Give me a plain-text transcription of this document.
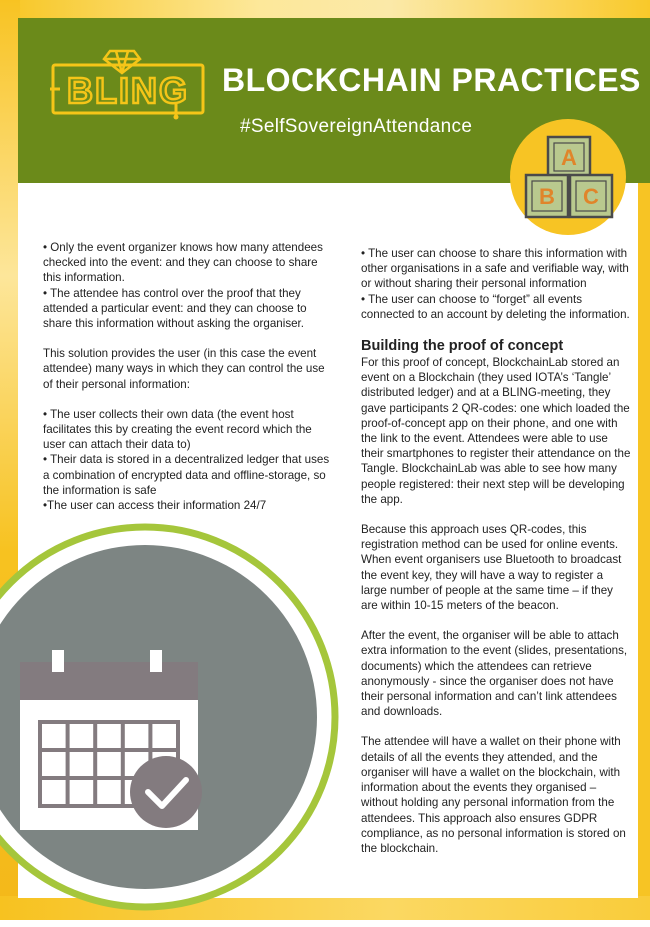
BLING BLOCKCHAIN PRACTICES
#SelfSovereignAttendance
A
B C

• Only the event organizer knows how many attendees checked into the event: and they can choose to share this information.

• The attendee has control over the proof that they attended a particular event: and they can choose to share this information without asking the organiser.

This solution provides the user (in this case the event attendee) many ways in which they can control the use of their personal information:

• The user collects their own data (the event host facilitates this by creating the event record which the user can attach their data to)

• Their data is stored in a decentralized ledger that uses a combination of encrypted data and offline-storage, so the information is safe

•The user can access their information 24/7

• The user can choose to share this information with other organisations in a safe and verifiable way, with or without sharing their personal information

• The user can choose to “forget” all events connected to an account by deleting the information.

Building the proof of concept

For this proof of concept, BlockchainLab stored an event on a Blockchain (they used IOTA’s ‘Tangle’ distributed ledger) and at a BLING-meeting, they gave participants 2 QR-codes: one which loaded the proof-of-concept app on their phone, and one with the link to the event. Attendees were able to use their smartphones to register their attendance on the Tangle. BlockchainLab was able to see how many people registered: their next step will be developing the app.

Because this approach uses QR-codes, this registration method can be used for online events. When event organisers use Bluetooth to broadcast the event key, they will have a way to register a large number of people at the same time – if they are within 10-15 meters of the beacon.

After the event, the organiser will be able to attach extra information to the event (slides, presentations, documents) which the attendees can retrieve anonymously - since the organiser does not have their personal information and can’t link attendees and downloads.

The attendee will have a wallet on their phone with details of all the events they attended, and the organiser will have a wallet on the blockchain, with information about the events they organised – without holding any personal information from the attendees. This approach also ensures GDPR compliance, as no personal information is stored on the blockchain.
